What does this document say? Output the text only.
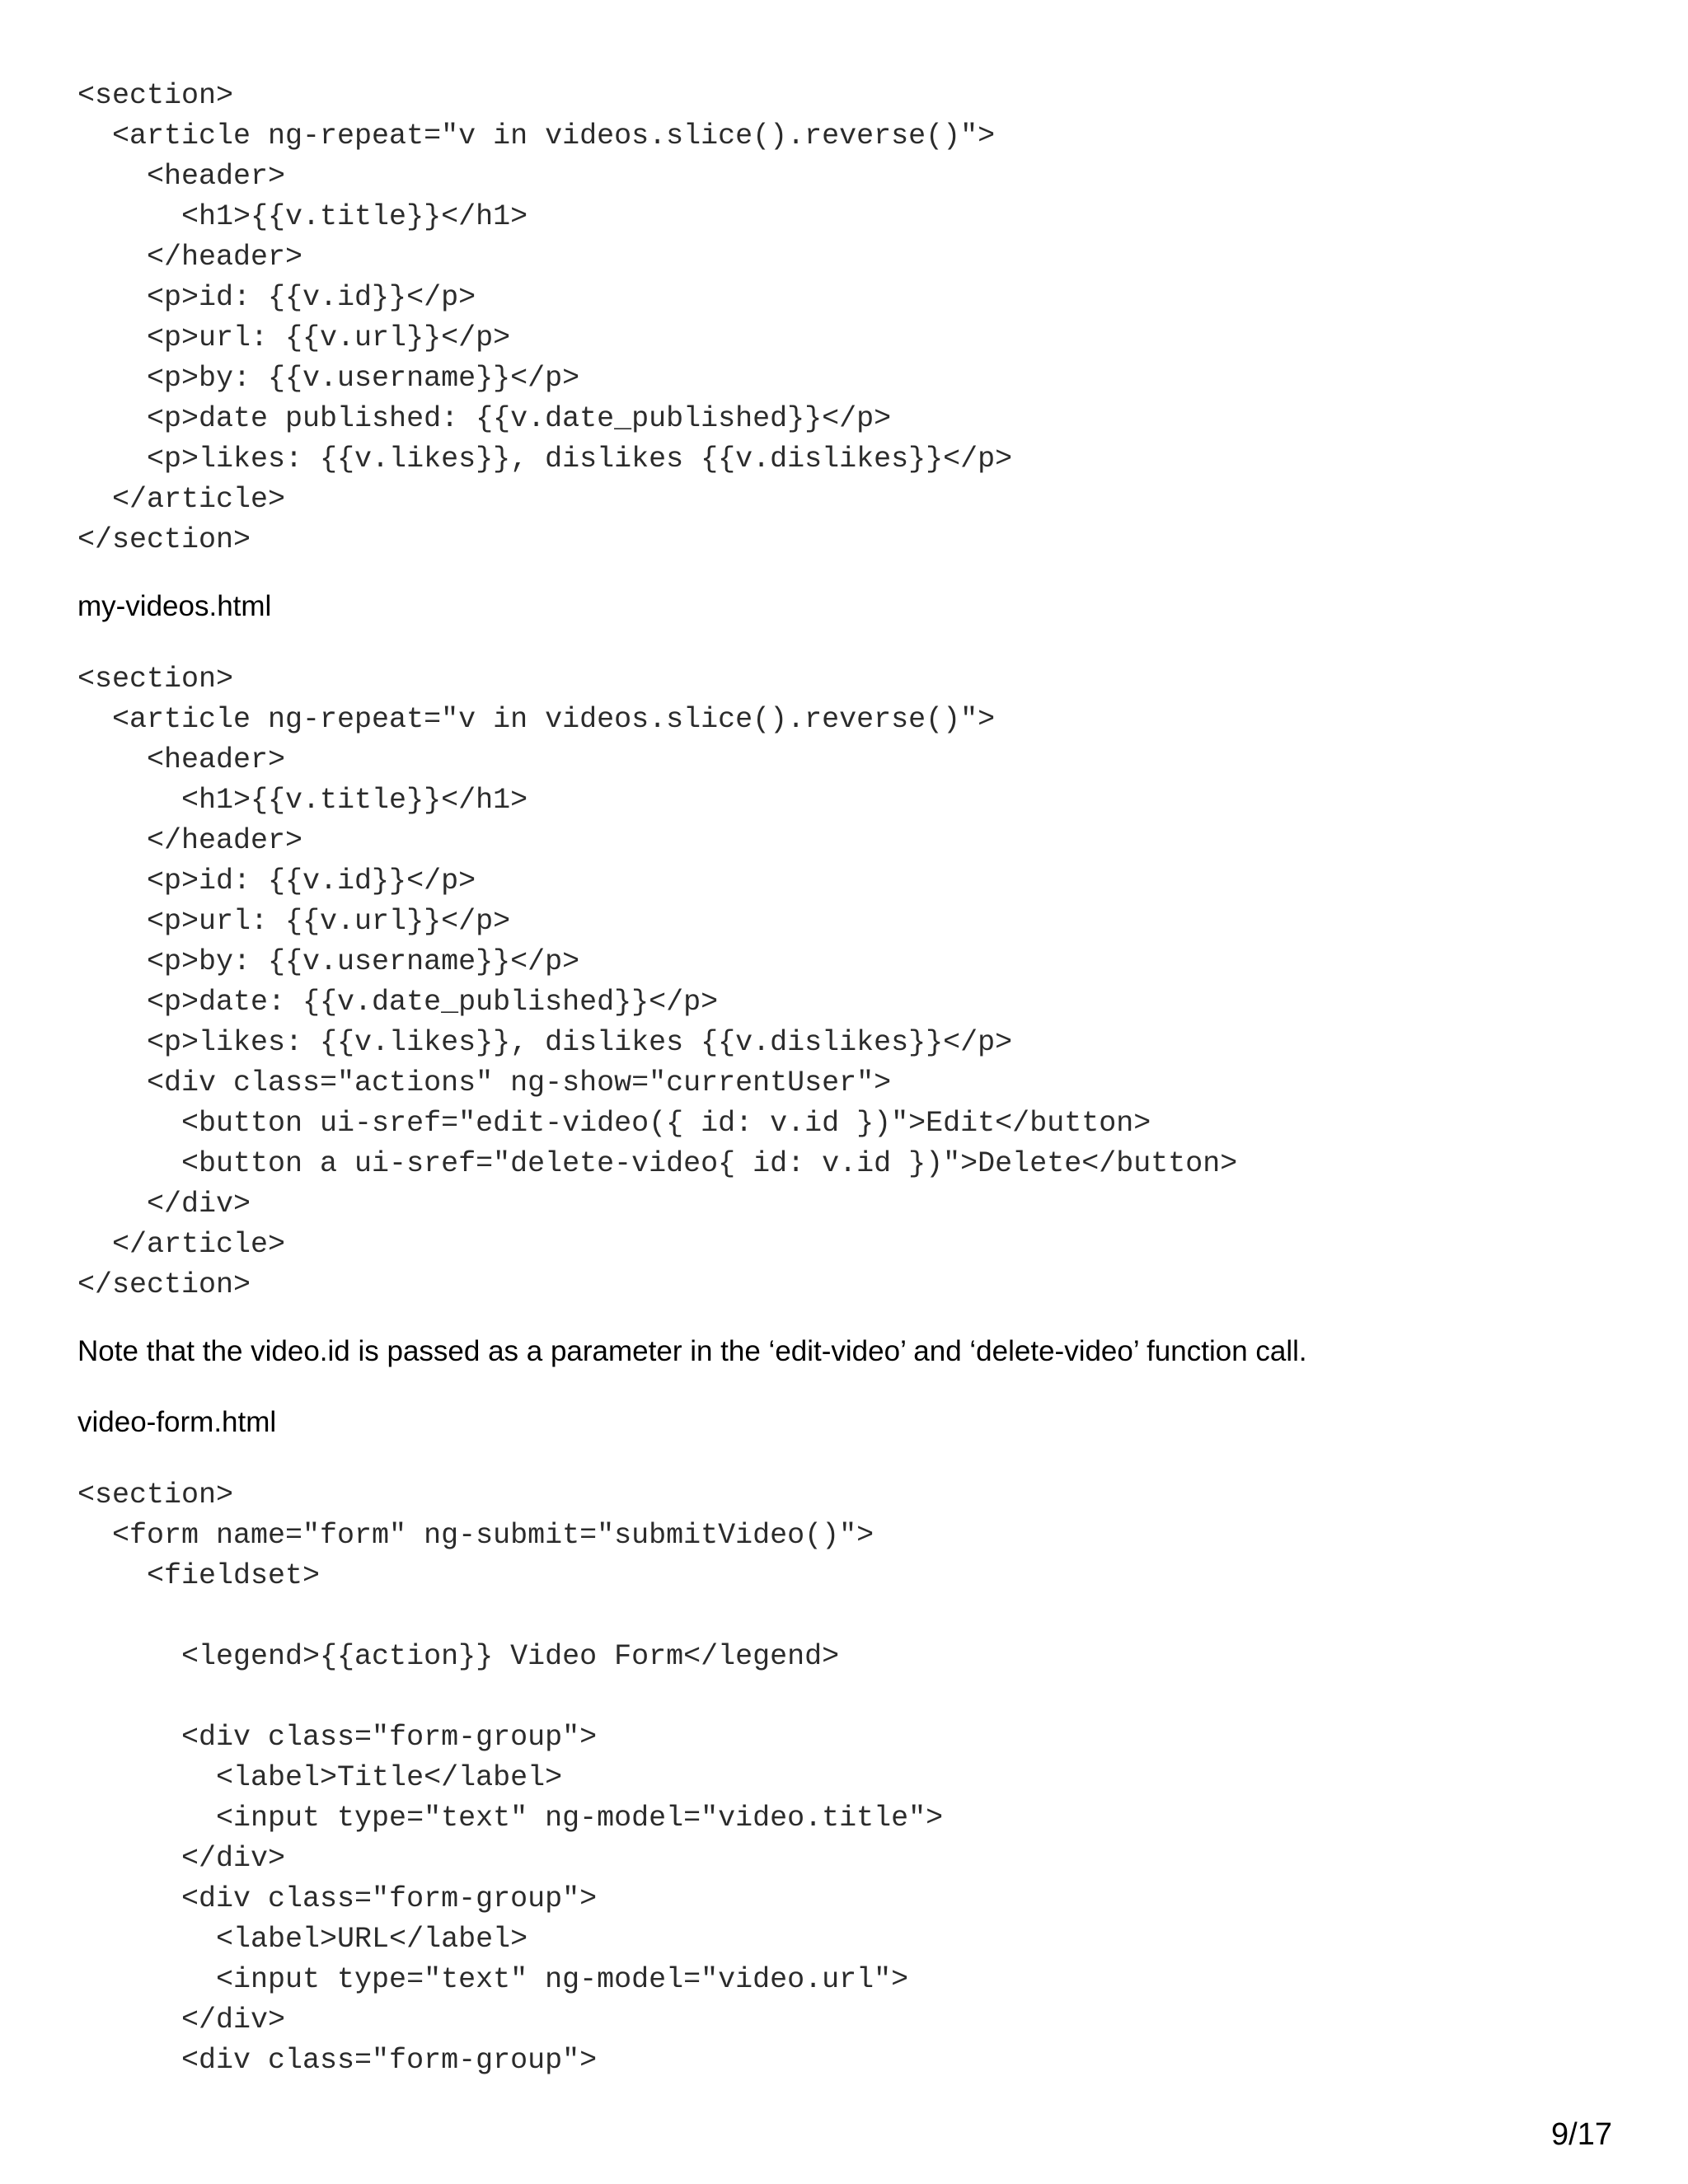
<section>
<article ng-repeat="v in videos.slice().reverse()">
<header>
<h1>{{v.title}}</h1>
</header>
<p>id: {{v.id}}</p>
<p>url: {{v.url}}</p>
<p>by: {{v.username}}</p>
<p>date published: {{v.date_published}}</p>
<p>likes: {{v.likes}}, dislikes {{v.dislikes}}</p>
</article>
</section>
my-videos.html
<section>
<article ng-repeat="v in videos.slice().reverse()">
<header>
<h1>{{v.title}}</h1>
</header>
<p>id: {{v.id}}</p>
<p>url: {{v.url}}</p>
<p>by: {{v.username}}</p>
<p>date: {{v.date_published}}</p>
<p>likes: {{v.likes}}, dislikes {{v.dislikes}}</p>
<div class="actions" ng-show="currentUser">
<button ui-sref="edit-video({ id: v.id })">Edit</button>
<button a ui-sref="delete-video{ id: v.id })">Delete</button>
</div>
</article>
</section>
Note that the video.id is passed as a parameter in the ‘edit-video’ and ‘delete-video’ function call.
video-form.html
<section>
<form name="form" ng-submit="submitVideo()">
<fieldset>
<legend>{{action}} Video Form</legend>
<div class="form-group">
<label>Title</label>
<input type="text" ng-model="video.title">
</div>
<div class="form-group">
<label>URL</label>
<input type="text" ng-model="video.url">
</div>
<div class="form-group">
9/17
